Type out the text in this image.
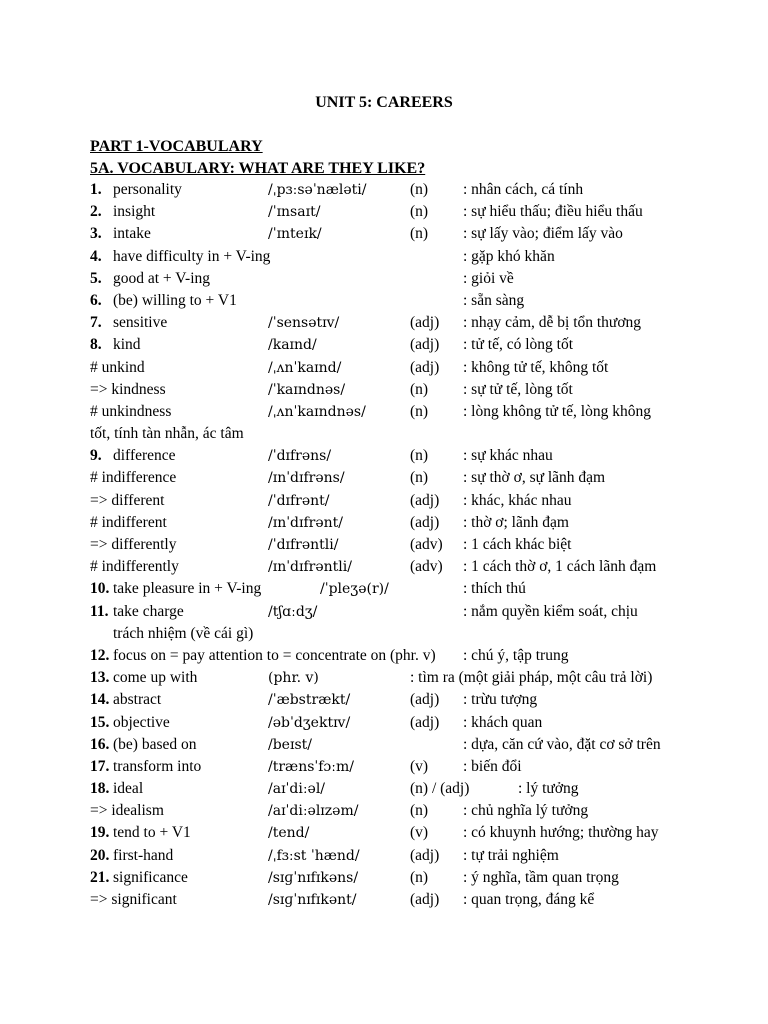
UNIT 5: CAREERS
PART 1-VOCABULARY
5A. VOCABULARY: WHAT ARE THEY LIKE?
1. personality	/ˌpɜːsəˈnæləti/	(n) : nhân cách, cá tính
2. insight	/ˈɪnsaɪt/	(n) : sự hiểu thấu; điều hiểu thấu
3. intake	/ˈɪnteɪk/	(n) : sự lấy vào; điểm lấy vào
4. have difficulty in + V-ing	: gặp khó khăn
5. good at + V-ing	: giỏi về
6. (be) willing to + V1	: sẵn sàng
7. sensitive	/ˈsensətɪv/	(adj) : nhạy cảm, dễ bị tổn thương
8. kind	/kaɪnd/	(adj) : tử tế, có lòng tốt
# unkind	/ˌʌnˈkaɪnd/	(adj) : không tử tế, không tốt
=> kindness	/ˈkaɪndnəs/	(n) : sự tử tế, lòng tốt
# unkindness	/ˌʌnˈkaɪndnəs/	(n) : lòng không tử tế, lòng không
tốt, tính tàn nhẫn, ác tâm
9. difference	/ˈdɪfrəns/	(n) : sự khác nhau
# indifference	/ɪnˈdɪfrəns/	(n) : sự thờ ơ, sự lãnh đạm
=> different	/ˈdɪfrənt/	(adj) : khác, khác nhau
# indifferent	/ɪnˈdɪfrənt/	(adj) : thờ ơ; lãnh đạm
=> differently	/ˈdɪfrəntli/	(adv) : 1 cách khác biệt
# indifferently	/ɪnˈdɪfrəntli/	(adv) : 1 cách thờ ơ, 1 cách lãnh đạm
10. take pleasure in + V-ing	/ˈpleʒə(r)/	: thích thú
11. take charge	/tʃɑːdʒ/	: nắm quyền kiểm soát, chịu
trách nhiệm (về cái gì)
12. focus on = pay attention to = concentrate on (phr. v) : chú ý, tập trung
13. come up with	(phr. v)	: tìm ra (một giải pháp, một câu trả lời)
14. abstract	/ˈæbstrækt/	(adj) : trừu tượng
15. objective	/əbˈdʒektɪv/	(adj) : khách quan
16. (be) based on	/beɪst/	: dựa, căn cứ vào, đặt cơ sở trên
17. transform into	/trænsˈfɔːm/	(v) : biến đổi
18. ideal	/aɪˈdiːəl/	(n) / (adj)	: lý tưởng
=> idealism	/aɪˈdiːəlɪzəm/	(n) : chủ nghĩa lý tưởng
19. tend to + V1	/tend/	(v) : có khuynh hướng; thường hay
20. first-hand	/ˌfɜːst ˈhænd/	(adj) : tự trải nghiệm
21. significance	/sɪɡˈnɪfɪkəns/	(n) : ý nghĩa, tầm quan trọng
=> significant	/sɪɡˈnɪfɪkənt/	(adj) : quan trọng, đáng kể
